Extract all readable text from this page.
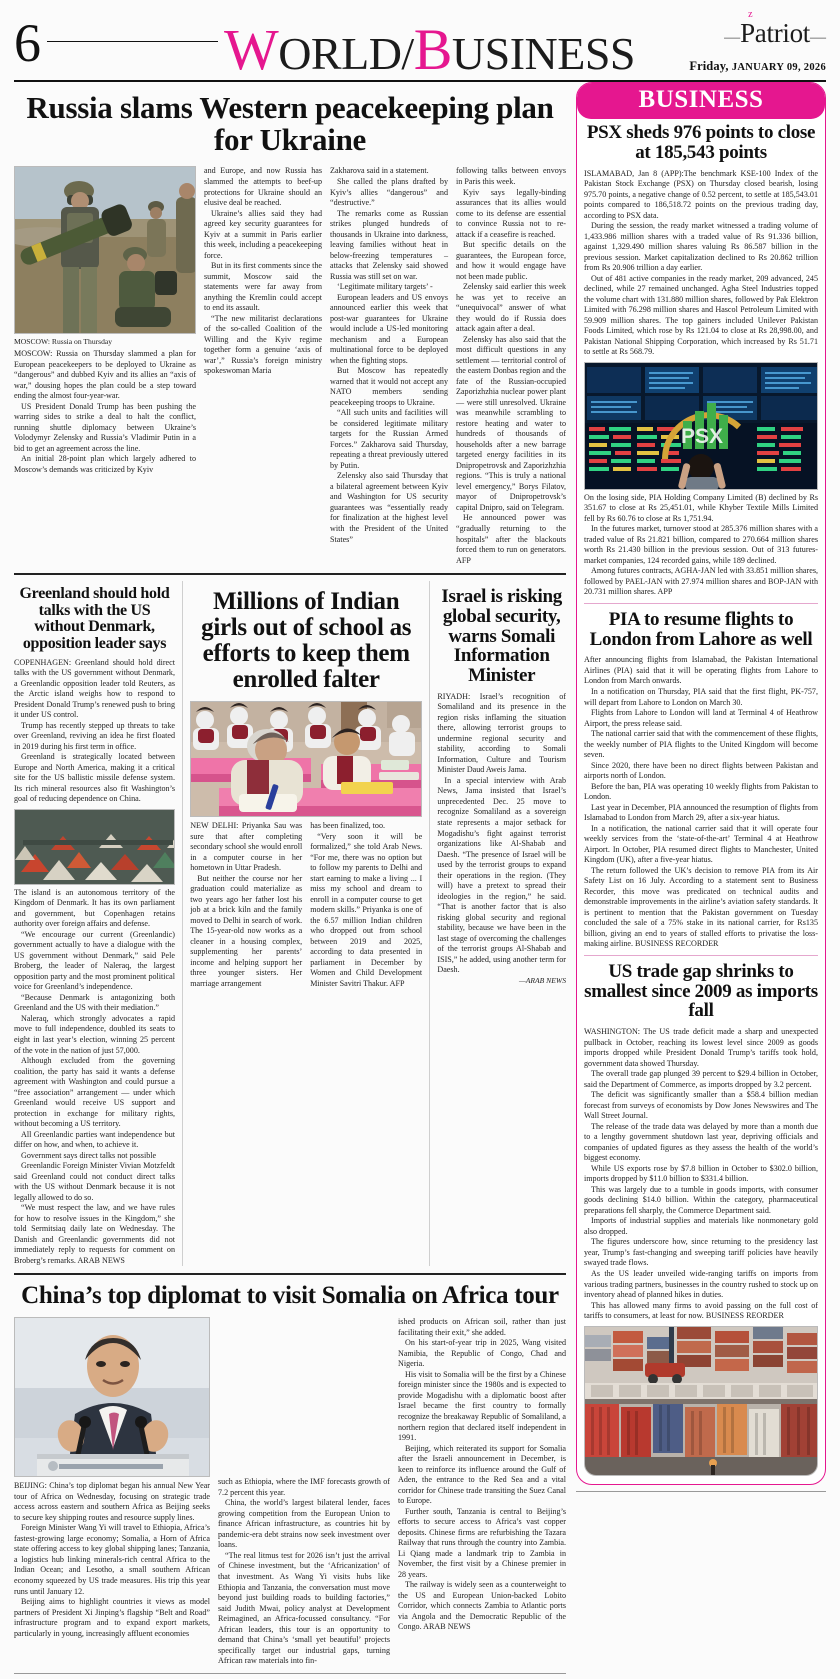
6	WORLD/BUSINESS	—
z
Patriot—
Friday, JANUARY 09, 2026
Russia slams Western peacekeeping plan for Ukraine
MOSCOW: Russia on Thursday

MOSCOW: Russia on Thursday slammed a plan for European peacekeepers to be deployed to Ukraine as “dangerous” and dubbed Kyiv and its allies an “axis of war,” dousing hopes the plan could be a step toward ending the almost four-year-war.

US President Donald Trump has been pushing the warring sides to strike a deal to halt the conflict, running shuttle diplomacy between Ukraine’s Volodymyr Zelensky and Russia’s Vladimir Putin in a bid to get an agreement across the line.

An initial 28-point plan which largely adhered to Moscow’s demands was criticized by Kyiv

and Europe, and now Russia has slammed the attempts to beef-up protections for Ukraine should an elusive deal be reached.

Ukraine’s allies said they had agreed key security guarantees for Kyiv at a summit in Paris earlier this week, including a peacekeeping force.

But in its first comments since the summit, Moscow said the statements were far away from anything the Kremlin could accept to end its assault.

“The new militarist declarations of the so-called Coalition of the Willing and the Kyiv regime together form a genuine ‘axis of war’,” Russia’s foreign ministry spokeswoman Maria

Zakharova said in a statement.

She called the plans drafted by Kyiv’s allies “dangerous” and “destructive.”

The remarks come as Russian strikes plunged hundreds of thousands in Ukraine into darkness, leaving families without heat in below-freezing temperatures – attacks that Zelensky said showed Russia was still set on war.

‘Legitimate military targets’ -

European leaders and US envoys announced earlier this week that post-war guarantees for Ukraine would include a US-led monitoring mechanism and a European multinational force to be deployed when the fighting stops.

But Moscow has repeatedly warned that it would not accept any NATO members sending peacekeeping troops to Ukraine.

“All such units and facilities will be considered legitimate military targets for the Russian Armed Forces.” Zakharova said Thursday, repeating a threat previously uttered by Putin.

Zelensky also said Thursday that a bilateral agreement between Kyiv and Washington for US security guarantees was “essentially ready for finalization at the highest level with the President of the United States”

following talks between envoys in Paris this week.

Kyiv says legally-binding assurances that its allies would come to its defense are essential to convince Russia not to re-attack if a ceasefire is reached.

But specific details on the guarantees, the European force, and how it would engage have not been made public.

Zelensky said earlier this week he was yet to receive an “unequivocal” answer of what they would do if Russia does attack again after a deal.

Zelensky has also said that the most difficult questions in any settlement — territorial control of the eastern Donbas region and the fate of the Russian-occupied Zaporizhzhia nuclear power plant — were still unresolved. Ukraine was meanwhile scrambling to restore heating and water to hundreds of thousands of households after a new barrage targeted energy facilities in its Dnipropetrovsk and Zaporizhzhia regions. “This is truly a national level emergency,” Borys Filatov, mayor of Dnipropetrovsk’s capital Dnipro, said on Telegram.

He announced power was “gradually returning to the hospitals” after the blackouts forced them to run on generators. AFP

Greenland should hold talks with the US without Denmark, opposition leader says

COPENHAGEN: Greenland should hold direct talks with the US government without Denmark, a Greenlandic opposition leader told Reuters, as the Arctic island weighs how to respond to President Donald Trump’s renewed push to bring it under US control.

Trump has recently stepped up threats to take over Greenland, reviving an idea he first floated in 2019 during his first term in office.

Greenland is strategically located between Europe and North America, making it a critical site for the US ballistic missile defense system. Its rich mineral resources also fit Washington’s goal of reducing dependence on China.

The island is an autonomous territory of the Kingdom of Denmark. It has its own parliament and government, but Copenhagen retains authority over foreign affairs and defense.

“We encourage our current (Greenlandic) government actually to have a dialogue with the US government without Denmark,” said Pele Broberg, the leader of Naleraq, the largest opposition party and the most prominent political voice for Greenland’s independence.

“Because Denmark is antagonizing both Greenland and the US with their mediation.”

Naleraq, which strongly advocates a rapid move to full independence, doubled its seats to eight in last year’s election, winning 25 percent of the vote in the nation of just 57,000.

Although excluded from the governing coalition, the party has said it wants a defense agreement with Washington and could pursue a “free association” arrangement — under which Greenland would receive US support and protection in exchange for military rights, without becoming a US territory.

All Greenlandic parties want independence but differ on how, and when, to achieve it.

Government says direct talks not possible

Greenlandic Foreign Minister Vivian Motzfeldt said Greenland could not conduct direct talks with the US without Denmark because it is not legally allowed to do so.

“We must respect the law, and we have rules for how to resolve issues in the Kingdom,” she told Sermitsiaq daily late on Wednesday. The Danish and Greenlandic governments did not immediately reply to requests for comment on Broberg’s remarks. ARAB NEWS

Millions of Indian girls out of school as efforts to keep them enrolled falter

NEW DELHI: Priyanka Sau was sure that after completing secondary school she would enroll in a computer course in her hometown in Uttar Pradesh.

But neither the course nor her graduation could materialize as two years ago her father lost his job at a brick kiln and the family moved to Delhi in search of work. The 15-year-old now works as a cleaner in a housing complex, supplementing her parents’ income and helping support her three younger sisters. Her marriage arrangement

has been finalized, too.

“Very soon it will be formalized,” she told Arab News. “For me, there was no option but to follow my parents to Delhi and start earning to make a living ... I miss my school and dream to enroll in a computer course to get modern skills.” Priyanka is one of the 6.57 million Indian children who dropped out from school between 2019 and 2025, according to data presented in parliament in December by Women and Child Development Minister Savitri Thakur. AFP

Israel is risking global security, warns Somali Information Minister

RIYADH: Israel’s recognition of Somaliland and its presence in the region risks inflaming the situation there, allowing terrorist groups to undermine regional security and stability, according to Somali Information, Culture and Tourism Minister Daud Aweis Jama.

In a special interview with Arab News, Jama insisted that Israel’s unprecedented Dec. 25 move to recognize Somaliland as a sovereign state represents a major setback for Mogadishu’s fight against terrorist organizations like Al-Shabab and Daesh. “The presence of Israel will be used by the terrorist groups to expand their operations in the region. (They will) have a pretext to spread their ideologies in the region,” he said. “That is another factor that is also risking global security and regional stability, because we have been in the last stage of overcoming the challenges of the terrorist groups Al-Shabab and ISIS,” he added, using another term for Daesh.

—ARAB NEWS
China’s top diplomat to visit Somalia on Africa tour

BEIJING: China’s top diplomat began his annual New Year tour of Africa on Wednesday, focusing on strategic trade access across eastern and southern Africa as Beijing seeks to secure key shipping routes and resource supply lines.

Foreign Minister Wang Yi will travel to Ethiopia, Africa’s fastest-growing large economy; Somalia, a Horn of Africa state offering access to key global shipping lanes; Tanzania, a logistics hub linking minerals-rich central Africa to the Indian Ocean; and Lesotho, a small southern African economy squeezed by US trade measures. His trip this year runs until January 12.

Beijing aims to highlight countries it views as model partners of President Xi Jinping’s flagship “Belt and Road” infrastructure program and to expand export markets, particularly in young, increasingly affluent economies

such as Ethiopia, where the IMF forecasts growth of 7.2 percent this year.

China, the world’s largest bilateral lender, faces growing competition from the European Union to finance African infrastructure, as countries hit by pandemic-era debt strains now seek investment over loans.

“The real litmus test for 2026 isn’t just the arrival of Chinese investment, but the ‘Africanization’ of that investment. As Wang Yi visits hubs like Ethiopia and Tanzania, the conversation must move beyond just building roads to building factories,” said Judith Mwai, policy analyst at Development Reimagined, an Africa-focussed consultancy. “For African leaders, this tour is an opportunity to demand that China’s ‘small yet beautiful’ projects specifically target our industrial gaps, turning African raw materials into fin-

ished products on African soil, rather than just facilitating their exit,” she added.

On his start-of-year trip in 2025, Wang visited Namibia, the Republic of Congo, Chad and Nigeria.

His visit to Somalia will be the first by a Chinese foreign minister since the 1980s and is expected to provide Mogadishu with a diplomatic boost after Israel became the first country to formally recognize the breakaway Republic of Somaliland, a northern region that declared itself independent in 1991.

Beijing, which reiterated its support for Somalia after the Israeli announcement in December, is keen to reinforce its influence around the Gulf of Aden, the entrance to the Red Sea and a vital corridor for Chinese trade transiting the Suez Canal to Europe.

Further south, Tanzania is central to Beijing’s efforts to secure access to Africa’s vast copper deposits. Chinese firms are refurbishing the Tazara Railway that runs through the country into Zambia. Li Qiang made a landmark trip to Zambia in November, the first visit by a Chinese premier in 28 years.

The railway is widely seen as a counterweight to the US and European Union-backed Lobito Corridor, which connects Zambia to Atlantic ports via Angola and the Democratic Republic of the Congo. ARAB NEWS

BUSINESS
PSX sheds 976 points to close at 185,543 points

ISLAMABAD, Jan 8 (APP):The benchmark KSE-100 Index of the Pakistan Stock Exchange (PSX) on Thursday closed bearish, losing 975.70 points, a negative change of 0.52 percent, to settle at 185,543.01 points compared to 186,518.72 points on the previous trading day, according to PSX data.

During the session, the ready market witnessed a trading volume of 1,433.986 million shares with a traded value of Rs 91.336 billion, against 1,329.490 million shares valuing Rs 86.587 billion in the previous session. Market capitalization declined to Rs 20.862 trillion from Rs 20.906 trillion a day earlier.

Out of 481 active companies in the ready market, 209 advanced, 245 declined, while 27 remained unchanged. Agha Steel Industries topped the volume chart with 131.880 million shares, followed by Pak Elektron Limited with 76.298 million shares and Hascol Petroleum Limited with 59.909 million shares. The top gainers included Unilever Pakistan Foods Limited, which rose by Rs 121.04 to close at Rs 28,998.00, and Pakistan National Shipping Corporation, which increased by Rs 51.71 to settle at Rs 568.79.

PSX

On the losing side, PIA Holding Company Limited (B) declined by Rs 351.67 to close at Rs 25,451.01, while Khyber Textile Mills Limited fell by Rs 60.76 to close at Rs 1,751.94.

In the futures market, turnover stood at 285.376 million shares with a traded value of Rs 21.821 billion, compared to 270.664 million shares worth Rs 21.430 billion in the previous session. Out of 313 futures-market companies, 124 recorded gains, while 189 declined.

Among futures contracts, AGHA-JAN led with 33.851 million shares, followed by PAEL-JAN with 27.974 million shares and BOP-JAN with 20.731 million shares. APP

PIA to resume flights to London from Lahore as well

After announcing flights from Islamabad, the Pakistan International Airlines (PIA) said that it will be operating flights from Lahore to London from March onwards.

In a notification on Thursday, PIA said that the first flight, PK-757, will depart from Lahore to London on March 30.

Flights from Lahore to London will land at Terminal 4 of Heathrow Airport, the press release said.

The national carrier said that with the commencement of these flights, the weekly number of PIA flights to the United Kingdom will become seven.

Since 2020, there have been no direct flights between Pakistan and airports north of London.

Before the ban, PIA was operating 10 weekly flights from Pakistan to London.

Last year in December, PIA announced the resumption of flights from Islamabad to London from March 29, after a six-year hiatus.

In a notification, the national carrier said that it will operate four weekly services from the ‘state-of-the-art’ Terminal 4 at Heathrow Airport. In October, PIA resumed direct flights to Manchester, United Kingdom (UK), after a five-year hiatus.

The return followed the UK’s decision to remove PIA from its Air Safety List on 16 July. According to a statement sent to Business Recorder, this move was predicated on technical audits and demonstrable improvements in the airline’s aviation safety standards. It is pertinent to mention that the Pakistan government on Tuesday concluded the sale of a 75% stake in its national carrier, for Rs135 billion, giving an end to years of stalled efforts to privatise the loss-making airline. BUSINESS RECORDER

US trade gap shrinks to smallest since 2009 as imports fall

WASHINGTON: The US trade deficit made a sharp and unexpected pullback in October, reaching its lowest level since 2009 as goods imports dropped while President Donald Trump’s tariffs took hold, government data showed Thursday.

The overall trade gap plunged 39 percent to $29.4 billion in October, said the Department of Commerce, as imports dropped by 3.2 percent.

The deficit was significantly smaller than a $58.4 billion median forecast from surveys of economists by Dow Jones Newswires and The Wall Street Journal.

The release of the trade data was delayed by more than a month due to a lengthy government shutdown last year, depriving officials and companies of updated figures as they assess the health of the world’s biggest economy.

While US exports rose by $7.8 billion in October to $302.0 billion, imports dropped by $11.0 billion to $331.4 billion.

This was largely due to a tumble in goods imports, with consumer goods declining $14.0 billion. Within the category, pharmaceutical preparations fell sharply, the Commerce Department said.

Imports of industrial supplies and materials like nonmonetary gold also dropped.

The figures underscore how, since returning to the presidency last year, Trump’s fast-changing and sweeping tariff policies have heavily swayed trade flows.

As the US leader unveiled wide-ranging tariffs on imports from various trading partners, businesses in the country rushed to stock up on inventory ahead of planned hikes in duties.

This has allowed many firms to avoid passing on the full cost of tariffs to consumers, at least for now. BUSINESS REORDER
